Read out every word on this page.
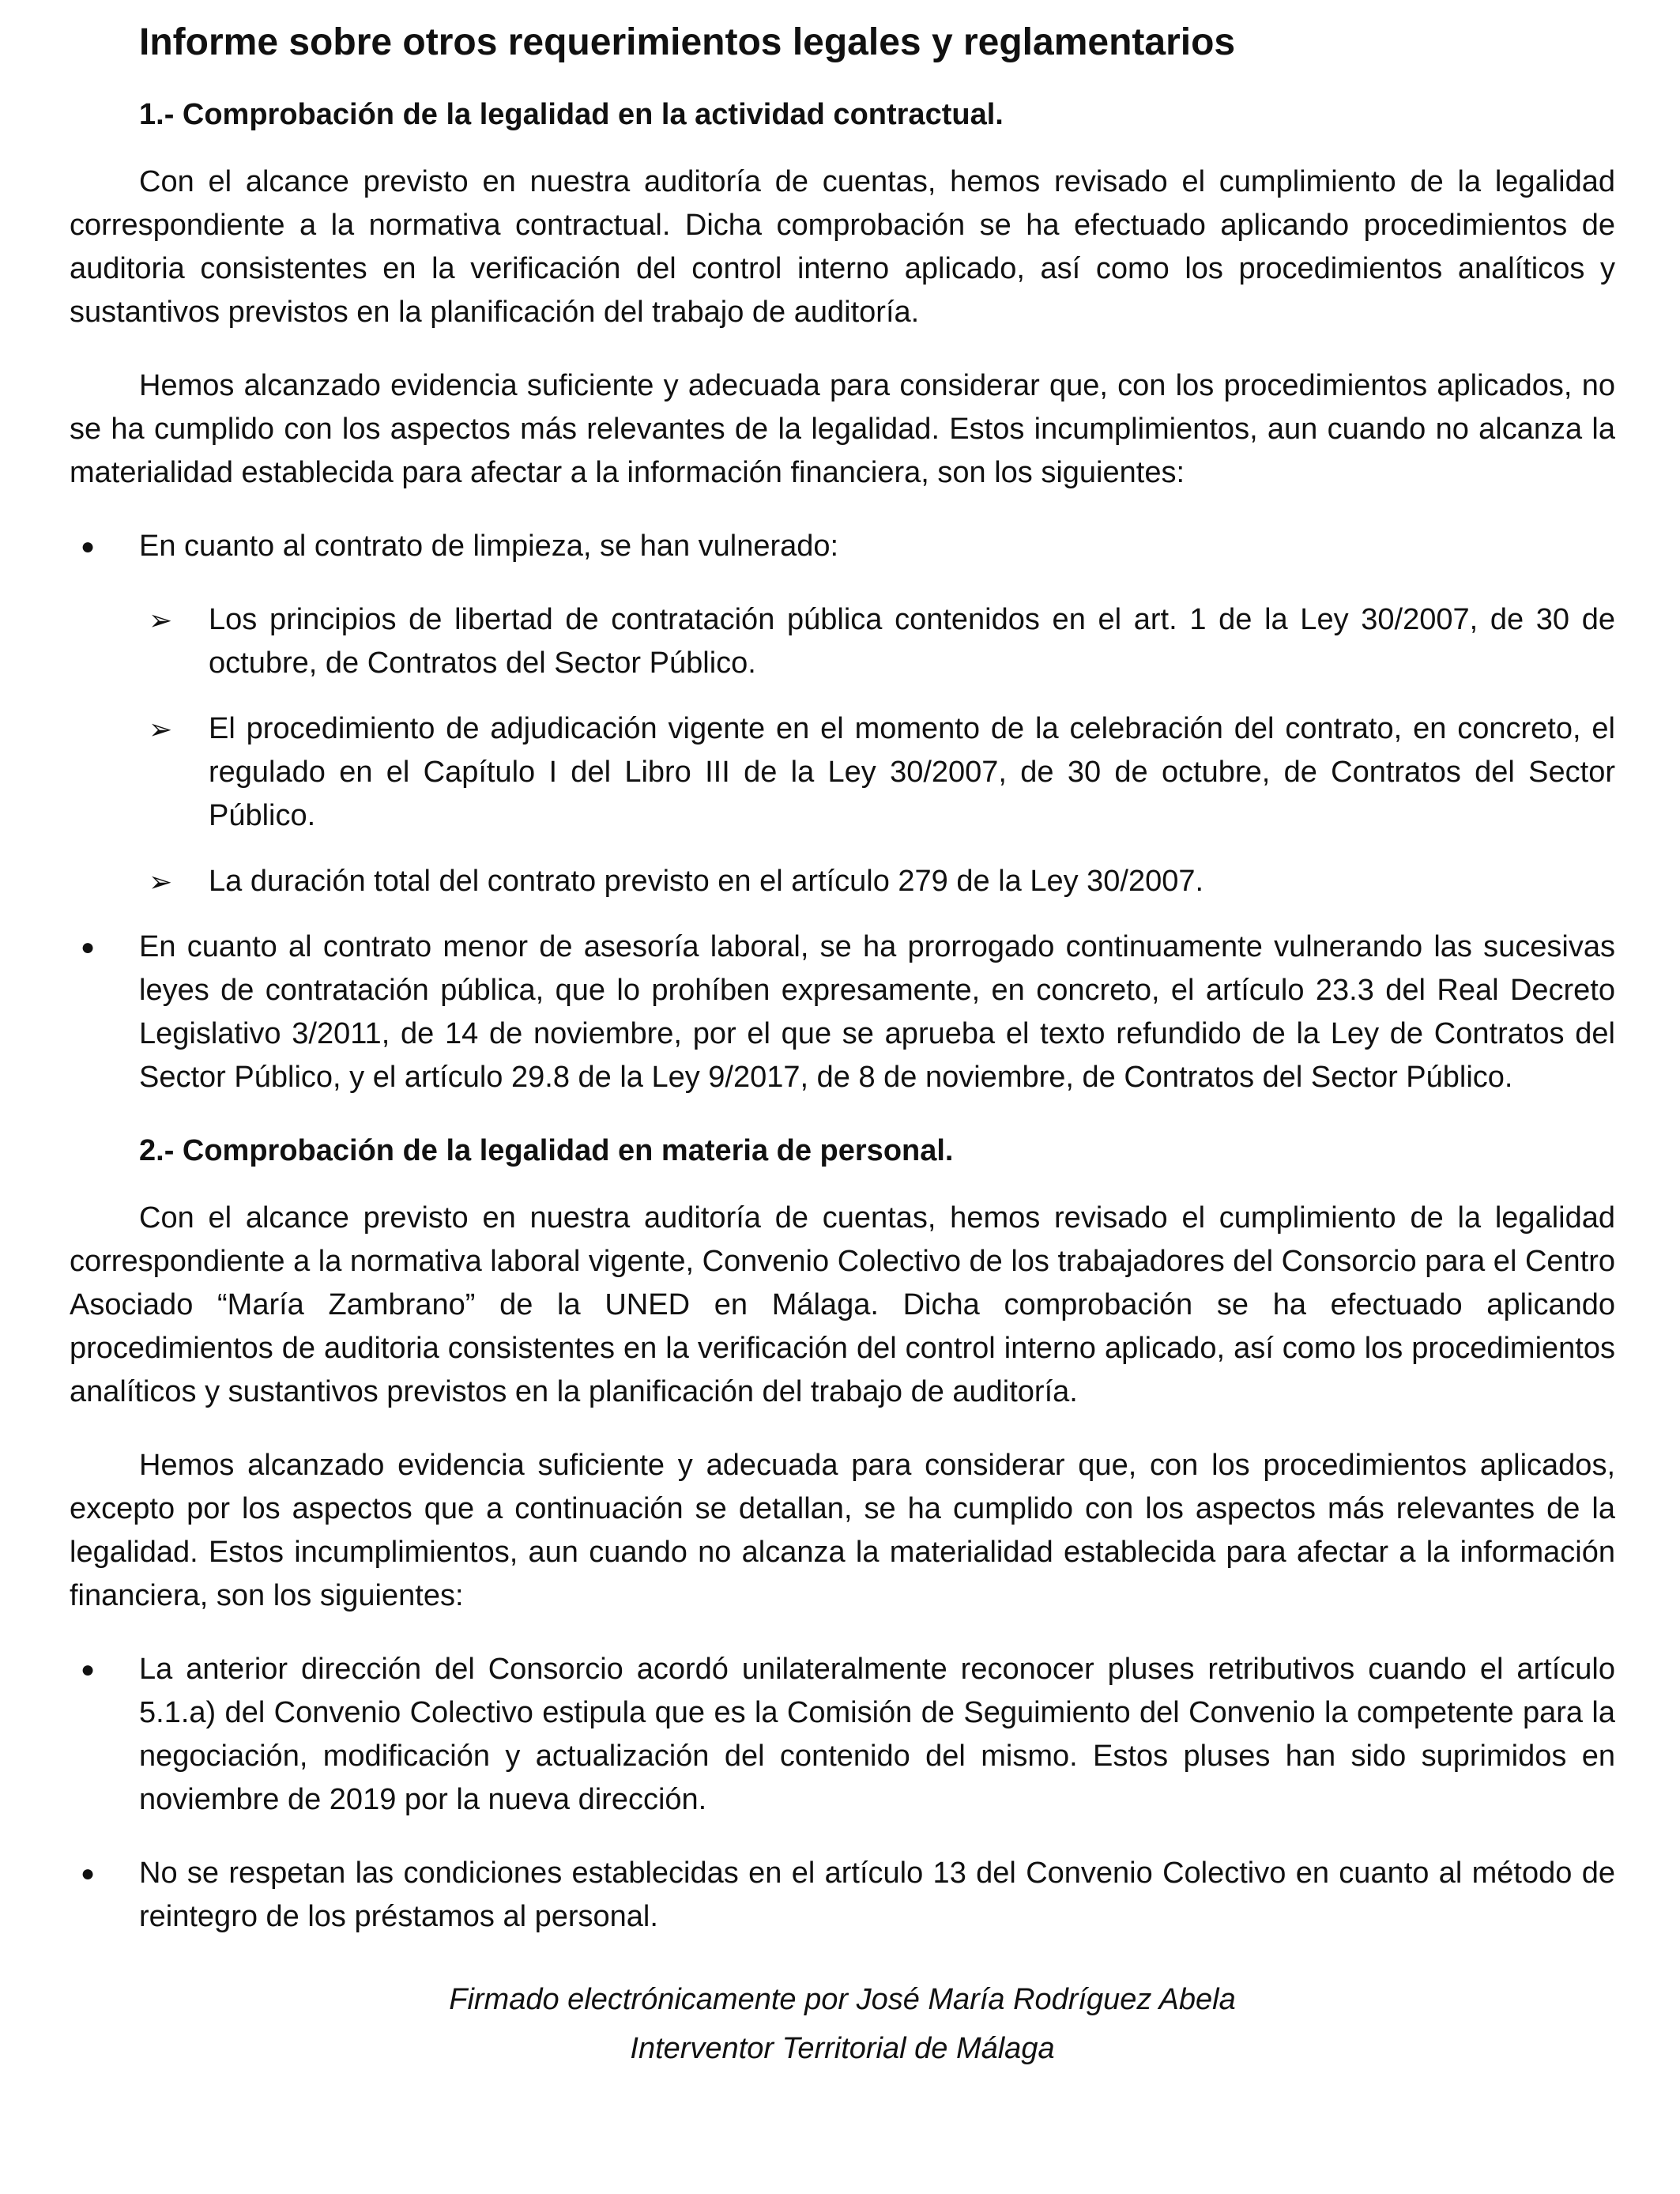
Informe sobre otros requerimientos legales y reglamentarios
1.- Comprobación de la legalidad en la actividad contractual.

Con el alcance previsto en nuestra auditoría de cuentas, hemos revisado el cumplimiento de la legalidad correspondiente a la normativa contractual. Dicha comprobación se ha efectuado aplicando procedimientos de auditoria consistentes en la verificación del control interno aplicado, así como los procedimientos analíticos y sustantivos previstos en la planificación del trabajo de auditoría.

Hemos alcanzado evidencia suficiente y adecuada para considerar que, con los procedimientos aplicados, no se ha cumplido con los aspectos más relevantes de la legalidad. Estos incumplimientos, aun cuando no alcanza la materialidad establecida para afectar a la información financiera, son los siguientes:

● En cuanto al contrato de limpieza, se han vulnerado:
➢ Los principios de libertad de contratación pública contenidos en el art. 1 de la Ley 30/2007, de 30 de octubre, de Contratos del Sector Público.
➢ El procedimiento de adjudicación vigente en el momento de la celebración del contrato, en concreto, el regulado en el Capítulo I del Libro III de la Ley 30/2007, de 30 de octubre, de Contratos del Sector Público.
➢ La duración total del contrato previsto en el artículo 279 de la Ley 30/2007.
● En cuanto al contrato menor de asesoría laboral, se ha prorrogado continuamente vulnerando las sucesivas leyes de contratación pública, que lo prohíben expresamente, en concreto, el artículo 23.3 del Real Decreto Legislativo 3/2011, de 14 de noviembre, por el que se aprueba el texto refundido de la Ley de Contratos del Sector Público, y el artículo 29.8 de la Ley 9/2017, de 8 de noviembre, de Contratos del Sector Público.
2.- Comprobación de la legalidad en materia de personal.

Con el alcance previsto en nuestra auditoría de cuentas, hemos revisado el cumplimiento de la legalidad correspondiente a la normativa laboral vigente, Convenio Colectivo de los trabajadores del Consorcio para el Centro Asociado “María Zambrano” de la UNED en Málaga. Dicha comprobación se ha efectuado aplicando procedimientos de auditoria consistentes en la verificación del control interno aplicado, así como los procedimientos analíticos y sustantivos previstos en la planificación del trabajo de auditoría.

Hemos alcanzado evidencia suficiente y adecuada para considerar que, con los procedimientos aplicados, excepto por los aspectos que a continuación se detallan, se ha cumplido con los aspectos más relevantes de la legalidad. Estos incumplimientos, aun cuando no alcanza la materialidad establecida para afectar a la información financiera, son los siguientes:

● La anterior dirección del Consorcio acordó unilateralmente reconocer pluses retributivos cuando el artículo 5.1.a) del Convenio Colectivo estipula que es la Comisión de Seguimiento del Convenio la competente para la negociación, modificación y actualización del contenido del mismo. Estos pluses han sido suprimidos en noviembre de 2019 por la nueva dirección.
● No se respetan las condiciones establecidas en el artículo 13 del Convenio Colectivo en cuanto al método de reintegro de los préstamos al personal.
Firmado electrónicamente por José María Rodríguez Abela
Interventor Territorial de Málaga
